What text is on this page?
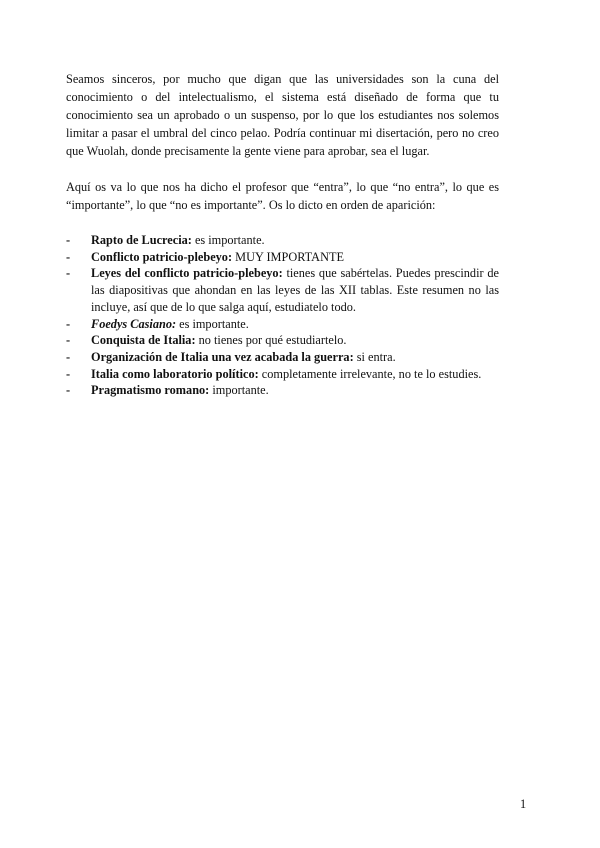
Seamos sinceros, por mucho que digan que las universidades son la cuna del conocimiento o del intelectualismo, el sistema está diseñado de forma que tu conocimiento sea un aprobado o un suspenso, por lo que los estudiantes nos solemos limitar a pasar el umbral del cinco pelao. Podría continuar mi disertación, pero no creo que Wuolah, donde precisamente la gente viene para aprobar, sea el lugar.

Aquí os va lo que nos ha dicho el profesor que “entra”, lo que “no entra”, lo que es “importante”, lo que “no es importante”. Os lo dicto en orden de aparición:

- Rapto de Lucrecia: es importante.
- Conflicto patricio-plebeyo: MUY IMPORTANTE
- Leyes del conflicto patricio-plebeyo: tienes que sabértelas. Puedes prescindir de las diapositivas que ahondan en las leyes de las XII tablas. Este resumen no las incluye, así que de lo que salga aquí, estudiatelo todo.
- Foedys Casiano: es importante.
- Conquista de Italia: no tienes por qué estudiartelo.
- Organización de Italia una vez acabada la guerra: si entra.
- Italia como laboratorio político: completamente irrelevante, no te lo estudies.
- Pragmatismo romano: importante.
1
